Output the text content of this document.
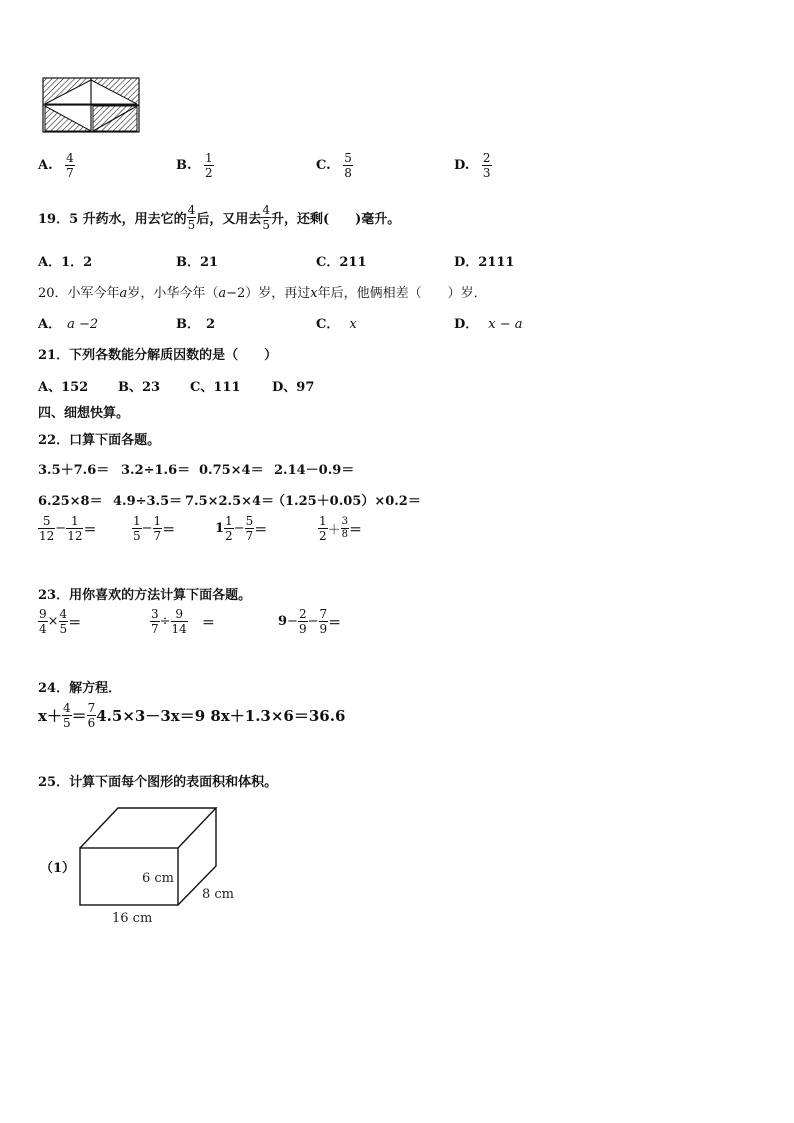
A. $\frac{4}{7}$	B. $\frac{1}{2}$	C. $\frac{5}{8}$	D. $\frac{2}{3}$
19．5 升药水，用去它的 $\frac{4}{5}$ 后，又用去 $\frac{4}{5}$ 升，还剩(　　)毫升。
A．1．2	B．21	C．211	D．2111
20．小军今年a岁，小华今年（a−2）岁，再过x年后，他俩相差（　　）岁．
A． a −2	B． 2	C． x	D． x − a
21．下列各数能分解质因数的是（　　）
A、152 B、23 C、111 D、97
四、细想快算。
22．口算下面各题。
3.5＋7.6＝ 3.2÷1.6＝ 0.75×4＝ 2.14－0.9＝
6.25×8＝ 4.9÷3.5＝ 7.5×2.5×4＝
（1.25＋0.05）×0.2＝
$\frac{5}{12} - \frac{1}{12}$ ＝	$\frac{1}{5} - \frac{1}{7}$ ＝	$1 \frac{1}{2} - \frac{5}{7}$ ＝	$\frac{1}{2} + \frac{3}{8}$ ＝
23．用你喜欢的方法计算下面各题。
$\frac{9}{4} \times \frac{4}{5}$ ＝	$\frac{3}{7} \div \frac{9}{14}$ ＝	$9- \frac{2}{9} - \frac{7}{9}$ ＝
24．解方程．
$x+ \frac{4}{5} = \frac{7}{6} 4.5\times 3-3x=9$ 8x＋1.3×6＝36.6
25．计算下面每个图形的表面积和体积。
（1）
6 cm
8 cm
16 cm
